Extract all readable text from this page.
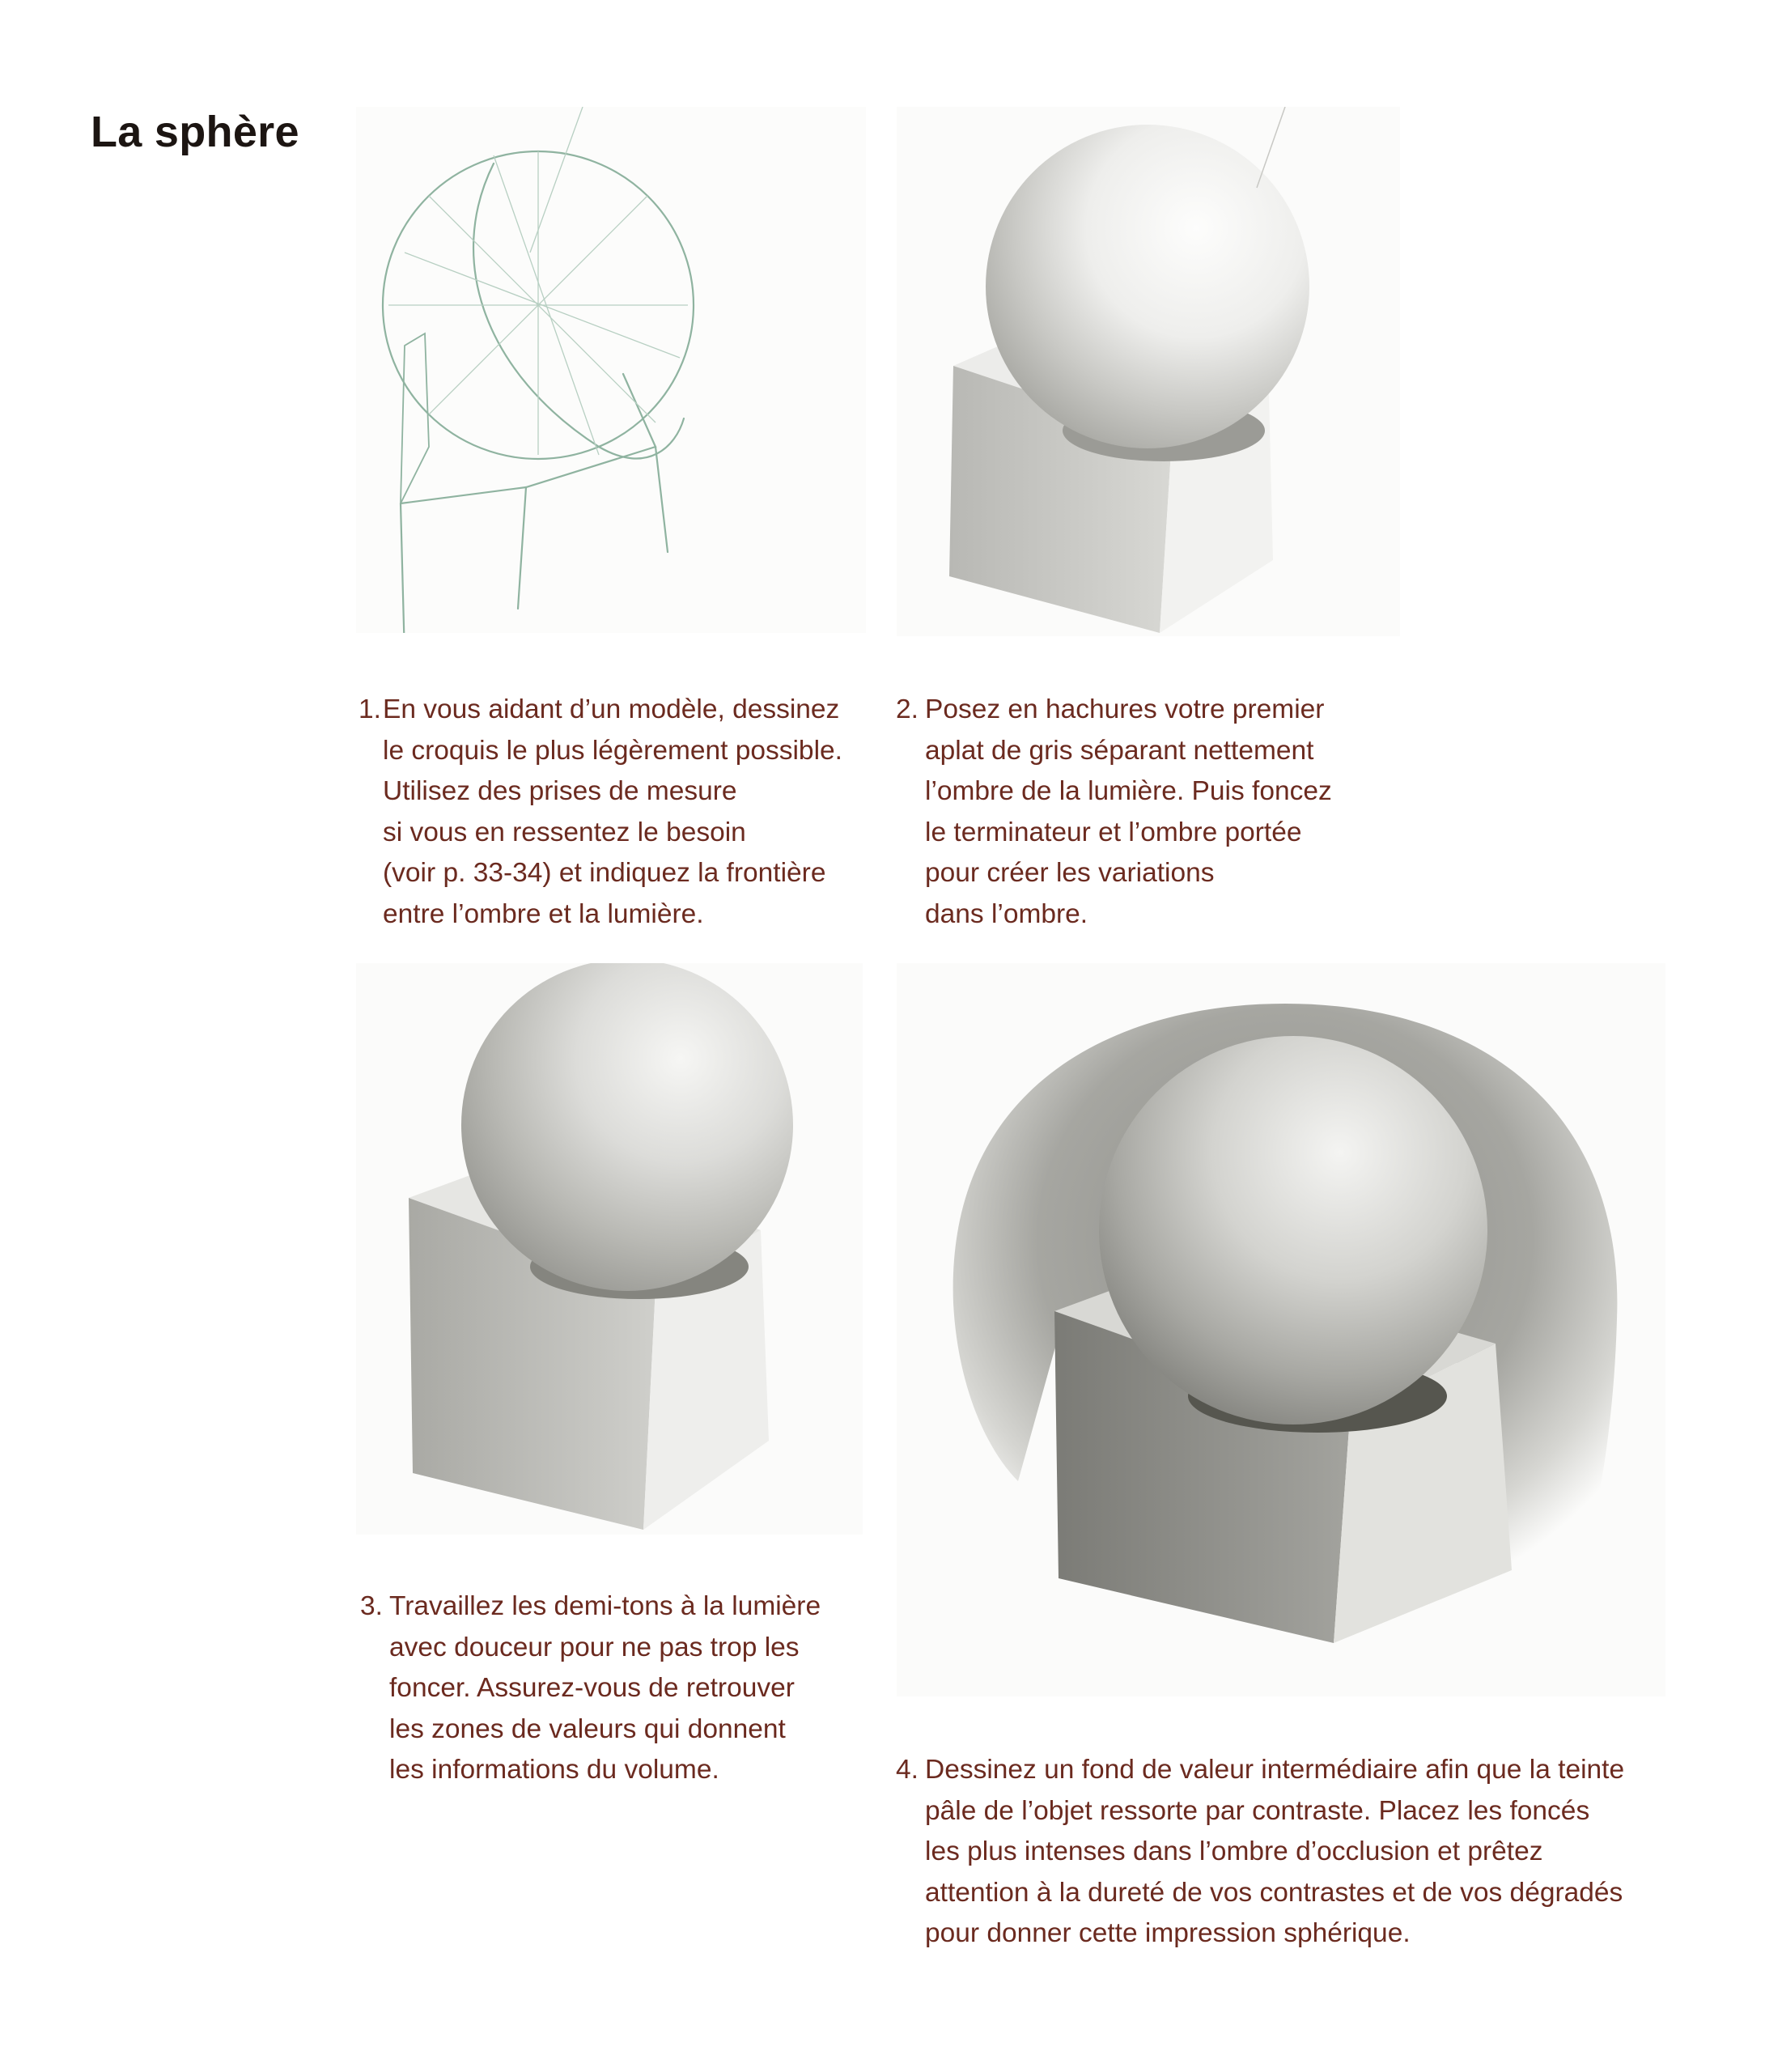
La sphère
1. En vous aidant d’un modèle, dessinez
le croquis le plus légèrement possible.
Utilisez des prises de mesure
si vous en ressentez le besoin
(voir p. 33-34) et indiquez la frontière
entre l’ombre et la lumière.
2. Posez en hachures votre premier
aplat de gris séparant nettement
l’ombre de la lumière. Puis foncez
le terminateur et l’ombre portée
pour créer les variations
dans l’ombre.
3. Travaillez les demi-tons à la lumière
avec douceur pour ne pas trop les
foncer. Assurez-vous de retrouver
les zones de valeurs qui donnent
les informations du volume.	4. Dessinez un fond de valeur intermédiaire afin que la teinte
pâle de l’objet ressorte par contraste. Placez les foncés
les plus intenses dans l’ombre d’occlusion et prêtez
attention à la dureté de vos contrastes et de vos dégradés
pour donner cette impression sphérique.
